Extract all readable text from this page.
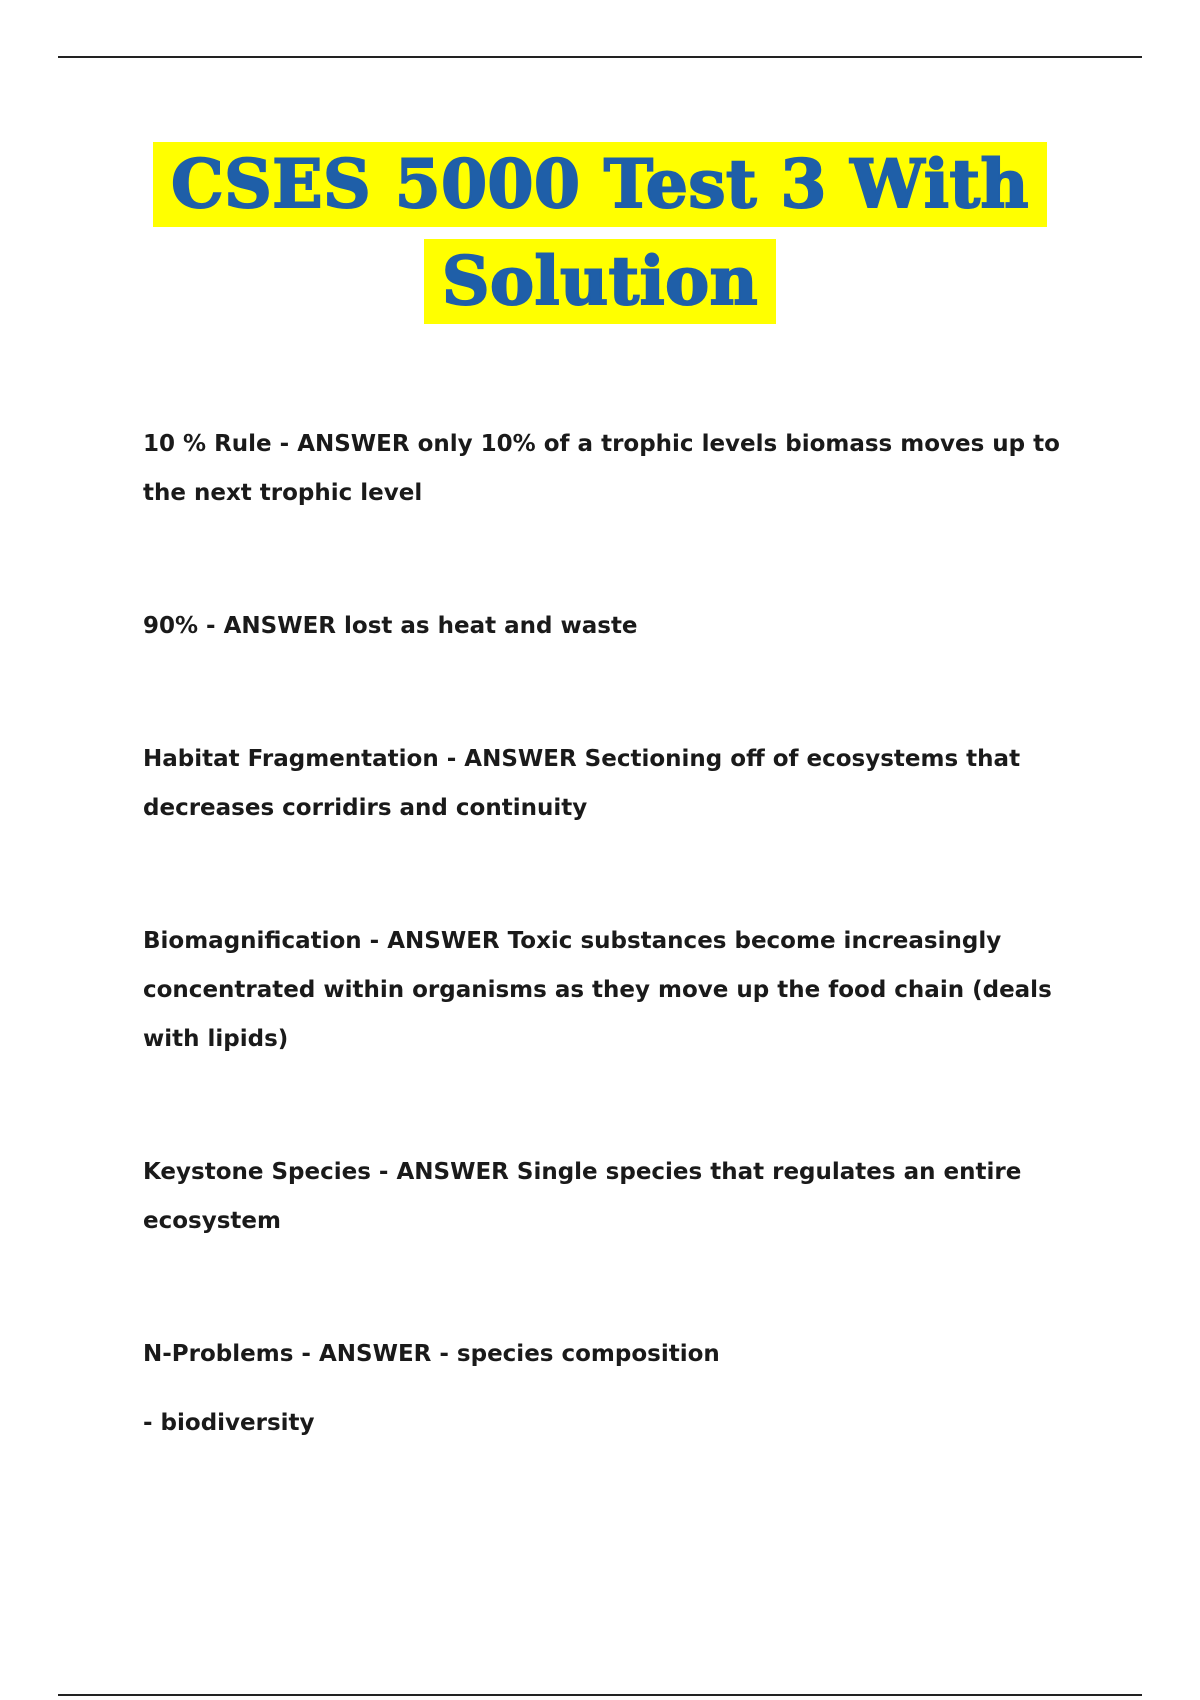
CSES 5000 Test 3 With
Solution

10 % Rule - ANSWER only 10% of a trophic levels biomass moves up to the next trophic level

90% - ANSWER lost as heat and waste

Habitat Fragmentation - ANSWER Sectioning off of ecosystems that decreases corridirs and continuity

Biomagnification - ANSWER Toxic substances become increasingly concentrated within organisms as they move up the food chain (deals with lipids)

Keystone Species - ANSWER Single species that regulates an entire ecosystem

N-Problems - ANSWER - species composition

- biodiversity
